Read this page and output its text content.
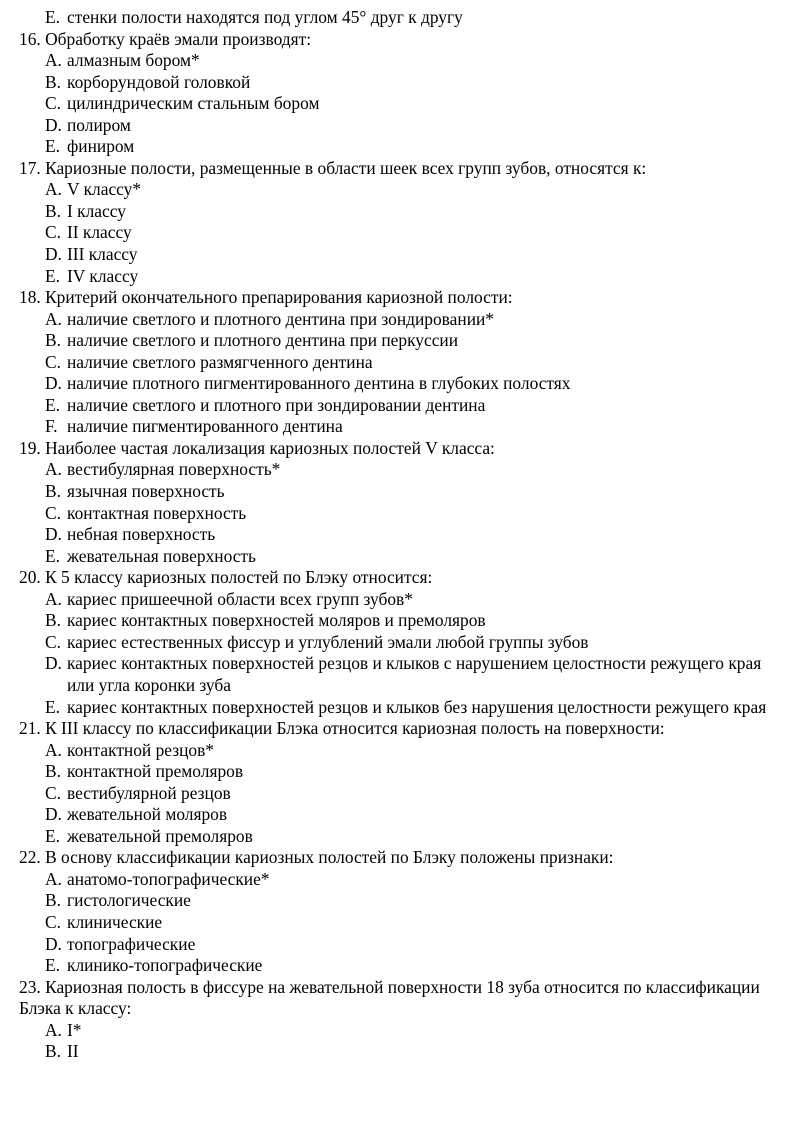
E. стенки полости находятся под углом 45° друг к другу
16. Обработку краёв эмали производят:
A. алмазным бором*
B. корборундовой головкой
C. цилиндрическим стальным бором
D. полиром
E. финиром
17. Кариозные полости, размещенные в области шеек всех групп зубов, относятся к:
A. V классу*
B. I классу
C. II классу
D. III классу
E. IV классу
18. Критерий окончательного препарирования кариозной полости:
A. наличие светлого и плотного дентина при зондировании*
B. наличие светлого и плотного дентина при перкуссии
C. наличие светлого размягченного дентина
D. наличие плотного пигментированного дентина в глубоких полостях
E. наличие светлого и плотного при зондировании дентина
F. наличие пигментированного дентина
19. Наиболее частая локализация кариозных полостей V класса:
A. вестибулярная поверхность*
B. язычная поверхность
C. контактная поверхность
D. небная поверхность
E. жевательная поверхность
20. К 5 классу кариозных полостей по Блэку относится:
A. кариес пришеечной области всех групп зубов*
B. кариес контактных поверхностей моляров и премоляров
C. кариес естественных фиссур и углублений эмали любой группы зубов
D. кариес контактных поверхностей резцов и клыков с нарушением целостности режущего края или угла коронки зуба
E. кариес контактных поверхностей резцов и клыков без нарушения целостности режущего края
21. К III классу по классификации Блэка относится кариозная полость на поверхности:
A. контактной резцов*
B. контактной премоляров
C. вестибулярной резцов
D. жевательной моляров
E. жевательной премоляров
22. В основу классификации кариозных полостей по Блэку положены признаки:
A. анатомо-топографические*
B. гистологические
C. клинические
D. топографические
E. клинико-топографические
23. Кариозная полость в фиссуре на жевательной поверхности 18 зуба относится по классификации Блэка к классу:
A. I*
B. II
